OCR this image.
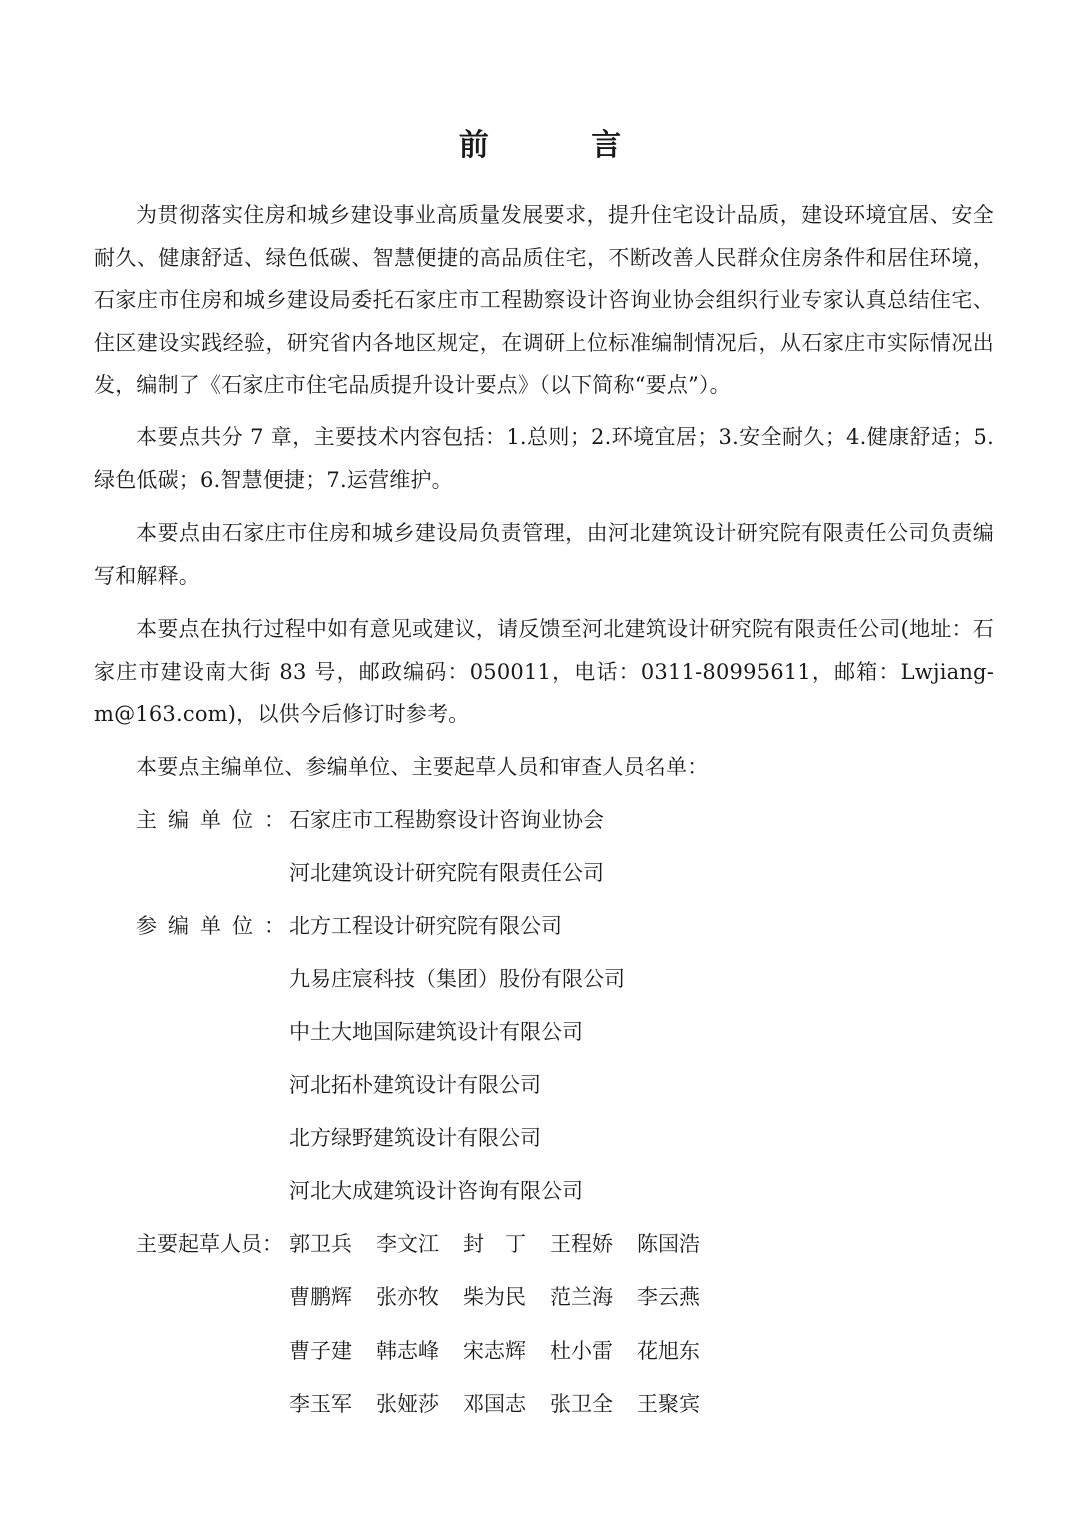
前 言

为贯彻落实住房和城乡建设事业高质量发展要求，提升住宅设计品质，建设环境宜居、安全耐久、健康舒适、绿色低碳、智慧便捷的高品质住宅，不断改善人民群众住房条件和居住环境，石家庄市住房和城乡建设局委托石家庄市工程勘察设计咨询业协会组织行业专家认真总结住宅、住区建设实践经验，研究省内各地区规定，在调研上位标准编制情况后，从石家庄市实际情况出发，编制了《石家庄市住宅品质提升设计要点》（以下简称“要点”）。

本要点共分 7 章，主要技术内容包括：1.总则；2.环境宜居；3.安全耐久；4.健康舒适；5.绿色低碳；6.智慧便捷；7.运营维护。

本要点由石家庄市住房和城乡建设局负责管理，由河北建筑设计研究院有限责任公司负责编写和解释。

本要点在执行过程中如有意见或建议，请反馈至河北建筑设计研究院有限责任公司(地址：石家庄市建设南大街 83 号，邮政编码：050011，电话：0311-80995611，邮箱：Lwjiang-m@163.com)，以供今后修订时参考。

本要点主编单位、参编单位、主要起草人员和审查人员名单：

主编单位：
石家庄市工程勘察设计咨询业协会
河北建筑设计研究院有限责任公司
参编单位：
北方工程设计研究院有限公司
九易庄宸科技（集团）股份有限公司
中土大地国际建筑设计有限公司
河北拓朴建筑设计有限公司
北方绿野建筑设计有限公司
河北大成建筑设计咨询有限公司
主要起草人员： 郭卫兵 李文江 封　丁 王程娇 陈国浩
曹鹏辉 张亦牧 柴为民 范兰海 李云燕
曹子建 韩志峰 宋志辉 杜小雷 花旭东
李玉军 张娅莎 邓国志 张卫全 王聚宾
